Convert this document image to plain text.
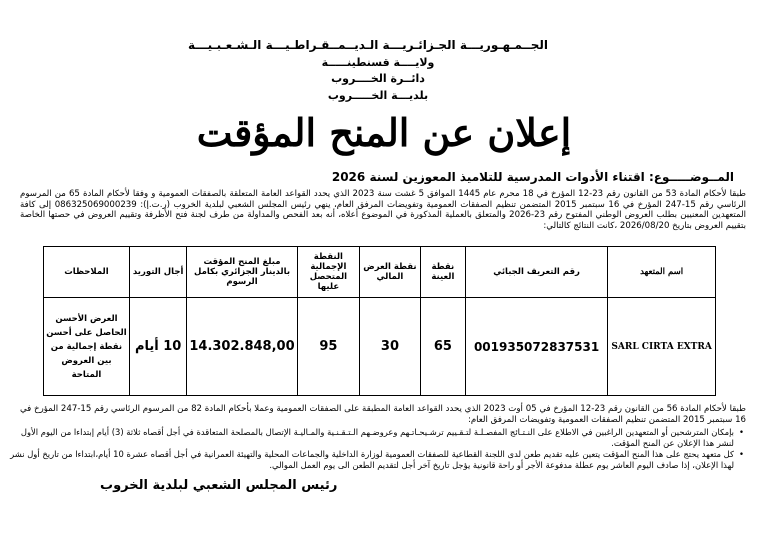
الجــمـهـوريـــة الجـزائـريـــة الـديــمــقـراطـيـــة الـشـعـبـيـــة
ولايــــة قسنطينـــــة
دائــرة الخــــروب
بلديـــة الخـــــروب
إعلان عن المنح المؤقت
المــوضـــــوع: اقتناء الأدوات المدرسية للتلاميذ المعوزين لسنة 2026
طبقا لأحكام المادة 53 من القانون رقم 23-12 المؤرخ في 18 محرم عام 1445 الموافق 5 غشت سنة 2023 الذي يحدد القواعد العامة المتعلقة بالصفقات العمومية و وفقا لأحكام المادة 65 من المرسوم الرئاسي رقم 15-247 المؤرخ في 16 سبتمبر 2015 المتضمن تنظيم الصفقات العمومية وتفويضات المرفق العام، ينهي رئيس المجلس الشعبي لبلدية الخروب (ر.ت.إ): 086325069000239 إلى كافة المتعهدين المعنيين بطلب العروض الوطني المفتوح رقم 23-2026 والمتعلق بالعملية المذكورة في الموضوع أعلاه، أنه بعد الفحص والمداولة من طرف لجنة فتح الأظرفة وتقييم العروض في حصتها الخاصة بتقييم العروض بتاريخ 2026/08/20 ،كانت النتائج كالتالي:
اسم المتعهد	رقم التعريف الجبائي	نقطة العينة	نقطة العرض المالي	النقطة الإجمالية المتحصل عليها	مبلغ المنح المؤقت بالدينار الجزائري بكامل الرسوم	أجال التوريد	الملاحظات
SARL CIRTA EXTRA	001935072837531	65	30	95	14.302.848,00	10 أيام	العرض الأحسن الحاصل على أحسن نقطة إجمالية من بين العروض المتاحة
طبقا لأحكام المادة 56 من القانون رقم 23-12 المؤرخ في 05 أوت 2023 الذي يحدد القواعد العامة المطبقة على الصفقات العمومية وعملا بأحكام المادة 82 من المرسوم الرئاسي رقم 15-247 المؤرخ في 16 سبتمبر 2015 المتضمن تنظيم الصفقات العمومية وتفويضات المرفق العام:
• بإمكان المترشحين أو المتعهدين الراغبين في الاطلاع على النـتـائج المفصـلـة لتـقـييم ترشـيحـاتـهم وعروضـهم الـتـقـنـية والمـاليـة الإتصال بالمصلحة المتعاقدة في أجل أقصاه ثلاثة (3) أيام إبتداءا من اليوم الأول لنشر هذا الإعلان عن المنح المؤقت.
• كل متعهد يحتج على هذا المنح المؤقت يتعين عليه تقديم طعن لدى اللجنة القطاعية للصفقات العمومية لوزارة الداخلية والجماعات المحلية والتهيئة العمرانية في أجل أقصاه عشرة 10 أيام،ابتداءا من تاريخ أول نشر لهذا الإعلان، إذا صادف اليوم العاشر يوم عطلة مدفوعة الأجر أو راحة قانونية يؤجل تاريخ آخر أجل لتقديم الطعن الى يوم العمل الموالي.
رئيس المجلس الشعبي لبلدية الخروب
